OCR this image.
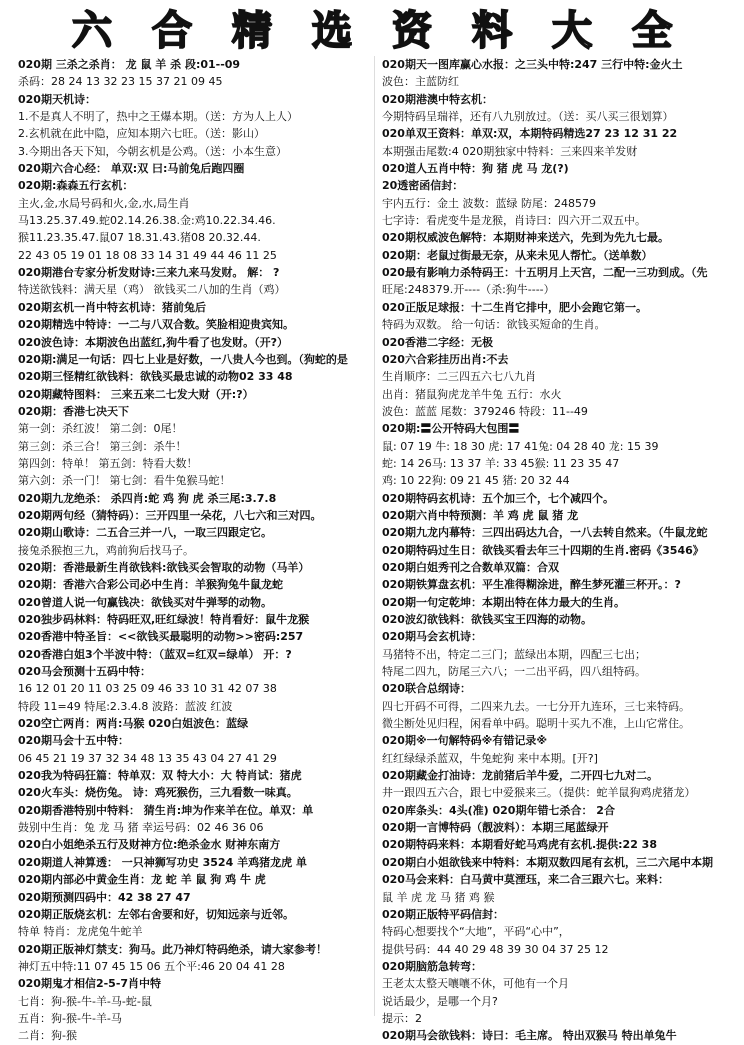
六 合 精 选 资 料 大 全
020期 三杀之杀肖： 龙 鼠 羊 杀 段:01--09
杀码：28 24 13 32 23 15 37 21 09 45
020期天机诗：
1.不是真人不明了，热中之王爆本期。（送：方为人上人）
2.玄机就在此中隐，应知本期六七旺。（送：影山）
3.今期出各天下知，今朝玄机是公鸡。（送：小本生意）
020期六合心经： 单双:双 曰:马前兔后跑四圈
020期:森森五行玄机：
主火,金,水局号码和火,金,水,局生肖
马13.25.37.49.蛇02.14.26.38.金:鸡10.22.34.46.
猴11.23.35.47.鼠07 18.31.43.猪08 20.32.44.
22 43 05 19 01 18 08 33 14 31 49 44 46 11 25
020期港台专家分析发财诗:三来九来马发财。 解： ?
特送欲钱料：满天星（鸡） 欲钱买二八加的生肖（鸡）
020期玄机一肖中特玄机诗：猪前兔后
020期精选中特诗：一二与八双合数。笑脸相迎贵宾知。
020波色诗：本期波色出蓝红,狗牛看了也发财。（开?）
020期:满足一句话：四七上业是好数，一八贵人今也到。（狗蛇的是
020期三怪精红欲钱料：欲钱买最忠诚的动物02 33 48
020期藏特图料： 三来五来二七发大财（开:?）
020期：香港七决天下
第一剑：杀红波！ 第二剑：0尾！
第三剑：杀三合！ 第三剑：杀牛！
第四剑：特单！ 第五剑：特看大数！
第六剑：杀一门！ 第七剑：看牛兔猴马蛇！
020期九龙绝杀： 杀四肖:蛇 鸡 狗 虎 杀三尾:3.7.8
020期两句经（猜特码）：三开四里一朵花，八七六和三对四。
020期山歌诗：二五合三并一八，一取三四跟定它。
接兔杀猴抱三九，鸡前狗后找马子。
020期：香港最新生肖欲钱料:欲钱买会智取的动物（马羊）
020期：香港六合彩公司必中生肖：羊猴狗兔牛鼠龙蛇
020曾道人说一句赢钱决：欲钱买对牛弹琴的动物。
020独步码林料：特码旺双,旺红绿波！特肖看好：鼠牛龙猴
020香港中特圣旨：<<欲钱买最聪明的动物>>密码:257
020香港白姐3个半波中特：（蓝双=红双=绿单） 开：?
020马会预测十五码中特：
16 12 01 20 11 03 25 09 46 33 10 31 42 07 38
特段 11=49 特尾:2.3.4.8 波路：蓝波 红波
020空亡两肖：两肖:马猴 020白姐波色：蓝绿
020期马会十五中特：
06 45 21 19 37 32 34 48 13 35 43 04 27 41 29
020我为特码狂篇：特单双：双 特大小：大 特肖试：猪虎
020火车头：烧伤兔。 诗：鸡死猴伤，三九看数一味真。
020期香港特别中特料： 猜生肖:坤为作来羊在位。单双：单
鼓别中生肖：兔 龙 马 猪 幸运号码：02 46 36 06
020白小姐绝杀五行及财神方位:绝杀金水 财神东南方
020期道人神算透： 一只神狮写功史 3524 羊鸡猪龙虎 单
020期内部必中黄金生肖：龙 蛇 羊 鼠 狗 鸡 牛 虎
020期预测四码中：42 38 27 47
020期正版烧玄机：左邻右舍要和好，切知远亲与近邻。
特单 特肖：龙虎兔牛蛇羊
020期正版神灯禁支：狗马。此乃神灯特码绝杀，请大家参考！
神灯五中特:11 07 45 15 06 五个平:46 20 04 41 28
020期鬼才相信2-5-7肖中特
七肖：狗-猴-牛-羊-马-蛇-鼠
五肖：狗-猴-牛-羊-马
二肖：狗-猴
020期天一图库赢心水报：之三头中特:247 三行中特:金火土
波色：主蓝防红
020期港澳中特玄机：
今期特码呈瑞祥，还有八九别放过。（送：买八买三很划算）
020单双王资料：单双:双，本期特码精选27 23 12 31 22
本期强击尾数:4 020期独家中特料：三来四来羊发财
020道人五肖中特：狗 猪 虎 马 龙(?)
20透密函信封：
宇内五行：金土 波数：蓝绿 防尾：248579
七字诗：看虎变牛是龙猴，肖诗曰：四六开二双五中。
020期权威波色解特：本期财神来送六，先到为先九七最。
020期：老鼠过街最无奈，从来未见人帮忙。（送单数）
020最有影响力杀特码王：十五明月上天宫，二配一三功到成。（先
旺尾:248379.开----（杀:狗牛----）
020正版足球报：十二生肖它排中，肥小会跑它第一。
特码为双数。 给一句话：欲钱买短命的生肖。
020香港二字经：无极
020六合彩挂历出肖:不去
生肖顺序：二三四五六七八九肖
出肖：猪鼠狗虎龙羊牛兔 五行：水火
波色：蓝蓝 尾数：379246 特段：11--49
020期:〓公开特码大包围〓
鼠: 07 19 牛: 18 30 虎: 17 41兔: 04 28 40 龙: 15 39
蛇: 14 26马: 13 37 羊: 33 45猴: 11 23 35 47
鸡: 10 22狗: 09 21 45 猪: 20 32 44
020期特码玄机诗：五个加三个，七个减四个。
020期六肖中特预测：羊 鸡 虎 鼠 猪 龙
020期九龙内幕特：三四出码达九合，一八去转自然来。（牛鼠龙蛇
020期特码过生日：欲钱买看去年三十四期的生肖.密码《3546》
020期白姐秀刊之合数单双篇：合双
020期铁算盘玄机：平生准得糊涂进，醉生梦死灌三杯开。：?
020期一句定乾坤：本期出特在体力最大的生肖。
020波幻欲钱料：欲钱买宝王四海的动物。
020期马会玄机诗：
马猪特不出，特定二三门；蓝绿出本期，四配三七出；
特尾二四九，防尾三六八；一二出平码，四八组特码。
020联合总纲诗：
四七开码不可得，二四来九去。一七分开九连环，三七来特码。
微尘断处见归程，闲看单中码。聪明十买九不准，上山它常住。
020期※一句解特码※有错记录※
红红绿绿杀蓝双，牛兔蛇狗 来中本期。[开?]
020期藏金打油诗：龙前猪后羊牛爱，二开四七九对二。
井一跟四五六合，跟七中爱猴来三。（提供：蛇羊鼠狗鸡虎猪龙）
020库条头：4头(准) 020期年错七杀合： 2合
020期一言博特码（靓波料）：本期三尾蓝绿开
020期特码来料：本期看好蛇马鸡虎有玄机.提供:22 38
020期白小姐欲钱来中特料：本期双数四尾有玄机，三二六尾中本期
020马会来料：白马黄中莫湮珏，来二合三跟六七。来料：
鼠 羊 虎 龙 马 猪 鸡 猴
020期正版特平码信封：
特码心想要找个“大地”，平码“心中”，
提供号码：44 40 29 48 39 30 04 37 25 12
020期脑筋急转弯：
王老太太整天嚷嚷不休，可他有一个月
说话最少，是哪一个月?
提示：2
020期马会欲钱料：诗曰：毛主席。 特出双猴马 特出单兔牛
